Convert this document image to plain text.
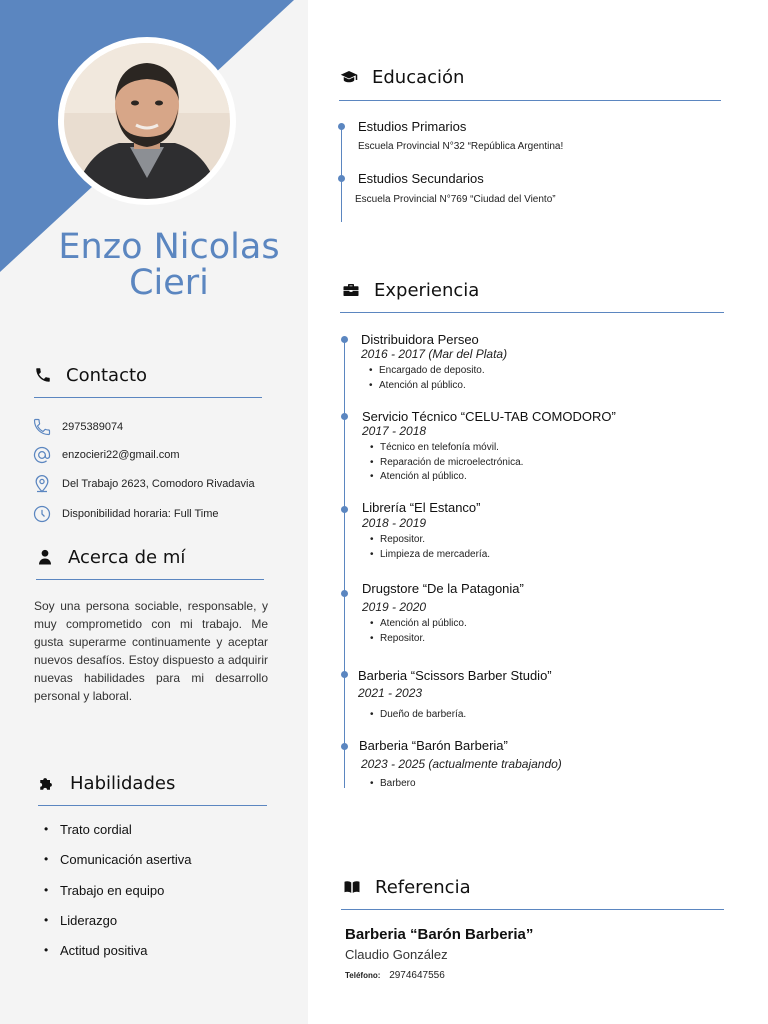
Enzo Nicolas
Cieri
Contacto
2975389074
enzocieri22@gmail.com
Del Trabajo 2623, Comodoro Rivadavia
Disponibilidad horaria: Full Time
Acerca de mí

Soy una persona sociable, responsable, y muy comprometido con mi trabajo. Me gusta superarme continuamente y aceptar nuevos desafíos. Estoy dispuesto a adquirir nuevas habilidades para mi desarrollo personal y laboral.

Habilidades
• Trato cordial
• Comunicación asertiva
• Trabajo en equipo
• Liderazgo
• Actitud positiva
Educación
Estudios Primarios
Escuela Provincial N°32 “República Argentina!
Estudios Secundarios
Escuela Provincial N°769 “Ciudad del Viento”
Experiencia
Distribuidora Perseo
2016 - 2017 (Mar del Plata)
• Encargado de deposito.
• Atención al público.
Servicio Técnico “CELU-TAB COMODORO”
2017 - 2018
• Técnico en telefonía móvil.
• Reparación de microelectrónica.
• Atención al público.
Librería “El Estanco”
2018 - 2019
• Repositor.
• Limpieza de mercadería.
Drugstore “De la Patagonia”
2019 - 2020
• Atención al público.
• Repositor.
Barberia “Scissors Barber Studio”
2021 - 2023
• Dueño de barbería.
Barberia “Barón Barberia”
2023 - 2025 (actualmente trabajando)
• Barbero
Referencia
Barberia “Barón Barberia”
Claudio González
Teléfono: 2974647556
